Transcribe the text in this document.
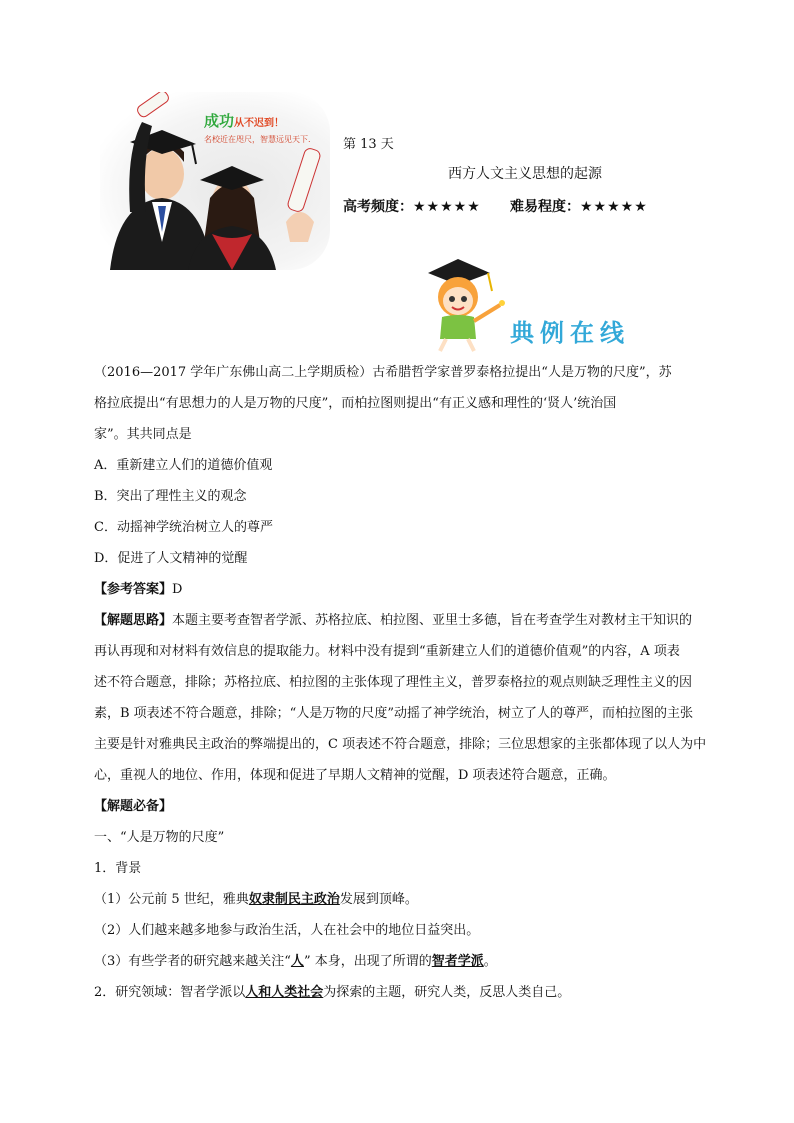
成功从不迟到！
名校近在咫尺，智慧远见天下. 第 13 天
西方人文主义思想的起源
高考频度：★★★★★ 难易程度：★★★★★
典例在线

（2016—2017 学年广东佛山高二上学期质检）古希腊哲学家普罗泰格拉提出“人是万物的尺度”，苏

格拉底提出“有思想力的人是万物的尺度”，而柏拉图则提出“有正义感和理性的‘贤人’统治国

家”。其共同点是

A．重新建立人们的道德价值观

B．突出了理性主义的观念

C．动摇神学统治树立人的尊严

D．促进了人文精神的觉醒

【参考答案】D

【解题思路】本题主要考查智者学派、苏格拉底、柏拉图、亚里士多德，旨在考查学生对教材主干知识的

再认再现和对材料有效信息的提取能力。材料中没有提到“重新建立人们的道德价值观”的内容，A 项表

述不符合题意，排除；苏格拉底、柏拉图的主张体现了理性主义，普罗泰格拉的观点则缺乏理性主义的因

素，B 项表述不符合题意，排除；“人是万物的尺度”动摇了神学统治，树立了人的尊严，而柏拉图的主张

主要是针对雅典民主政治的弊端提出的，C 项表述不符合题意，排除；三位思想家的主张都体现了以人为中

心，重视人的地位、作用，体现和促进了早期人文精神的觉醒，D 项表述符合题意，正确。

【解题必备】

一、“人是万物的尺度”

1．背景

（1）公元前 5 世纪，雅典奴隶制民主政治发展到顶峰。

（2）人们越来越多地参与政治生活，人在社会中的地位日益突出。

（3）有些学者的研究越来越关注“人” 本身，出现了所谓的智者学派。

2．研究领域：智者学派以人和人类社会为探索的主题，研究人类，反思人类自己。
